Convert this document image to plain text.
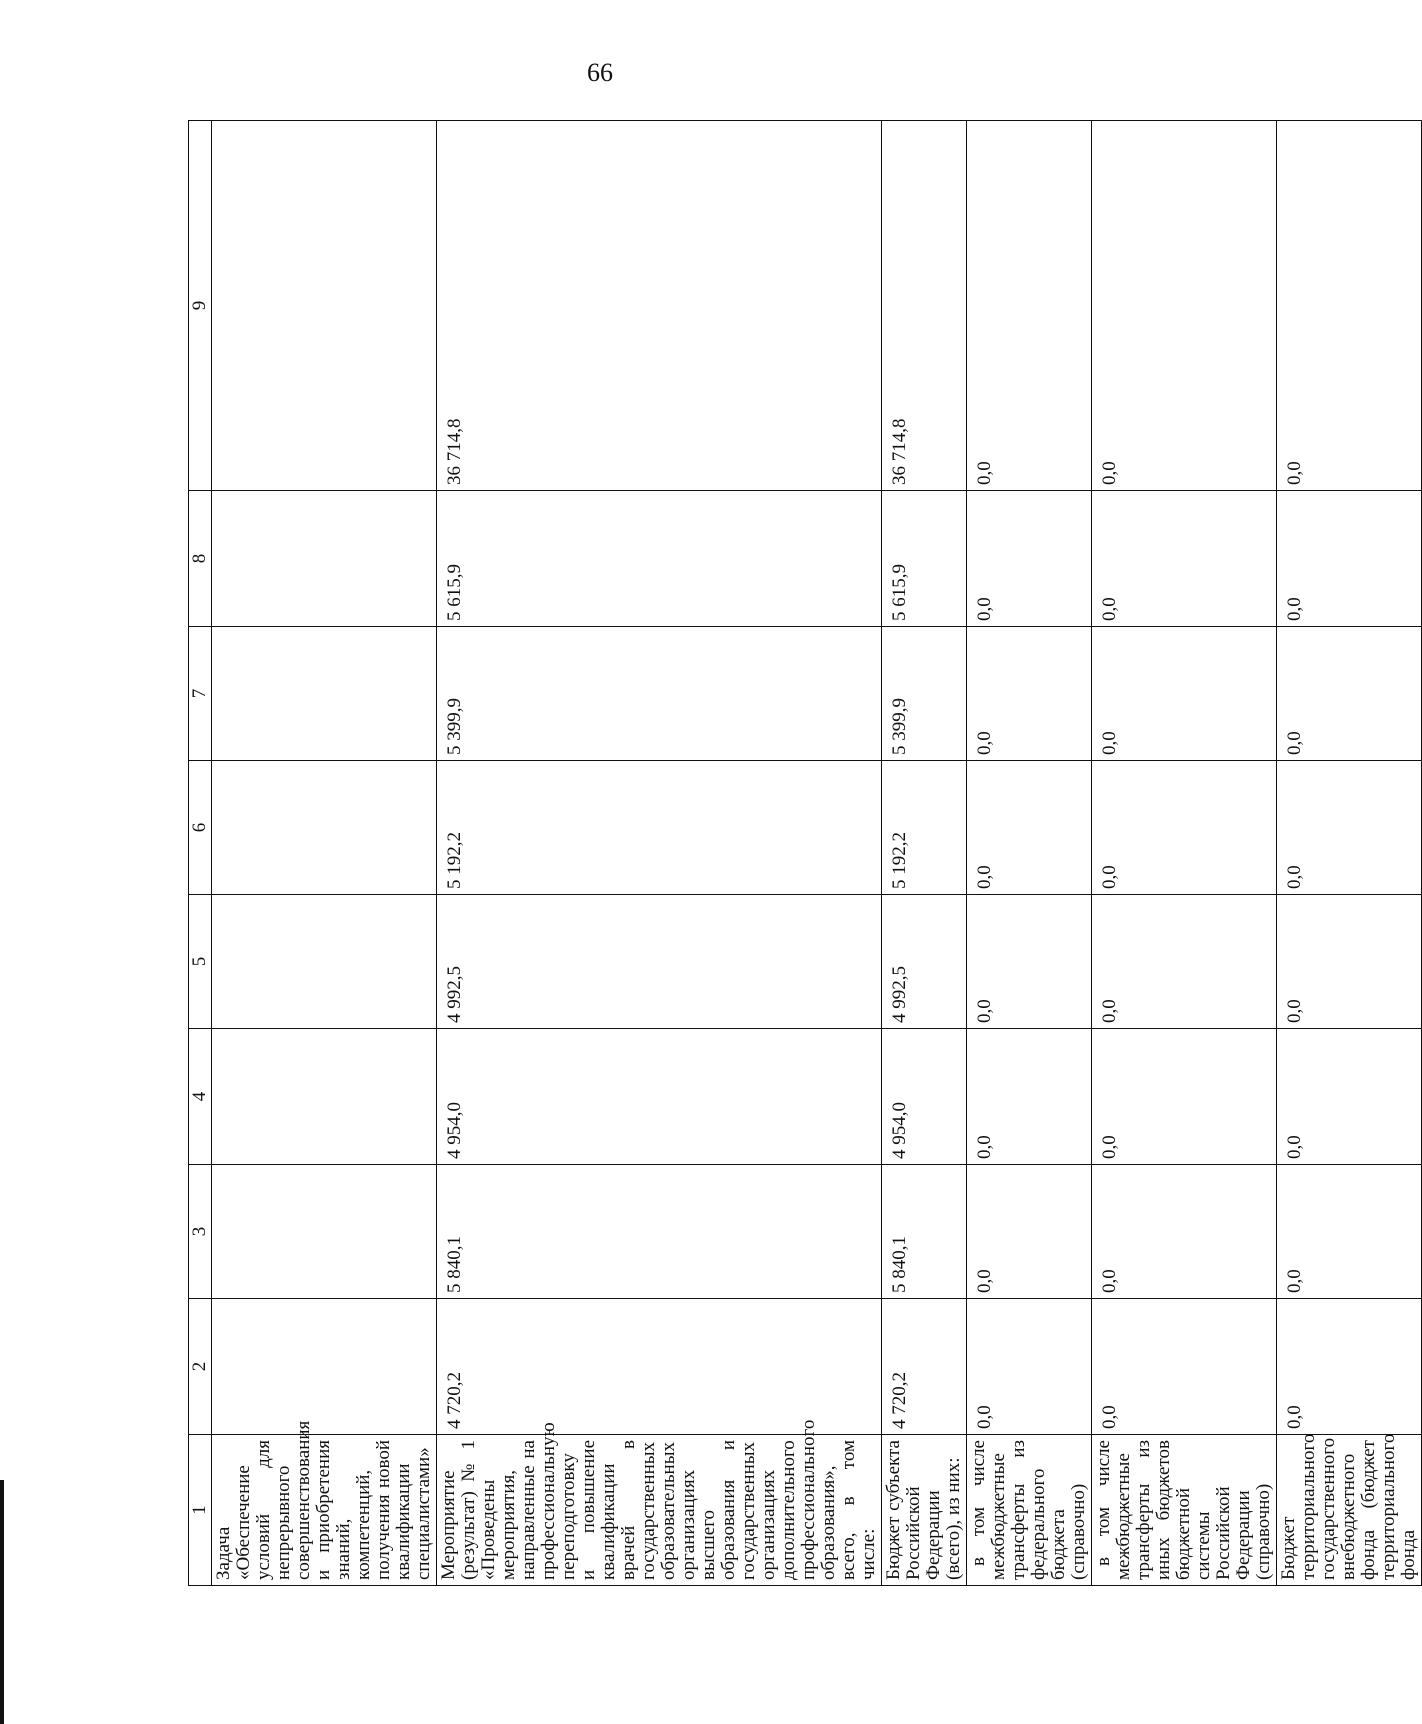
66
1	2	3	4	5	6	7	8	9
Задача «Обеспечение условий для непрерывного совершенствования и приобретения знаний, компетенций, получения новой квалификации специалистами»								
Мероприятие (результат) № 1 «Проведены мероприятия, направленные на профессиональную переподготовку и повышение квалификации врачей в государственных образовательных организациях высшего образования и государственных организациях дополнительного профессионального образования», всего, в том числе:	4 720,2	5 840,1	4 954,0	4 992,5	5 192,2	5 399,9	5 615,9	36 714,8
Бюджет субъекта Российской Федерации (всего), из них:	4 720,2	5 840,1	4 954,0	4 992,5	5 192,2	5 399,9	5 615,9	36 714,8
в том числе межбюджетные трансферты из федерального бюджета (справочно)	0,0	0,0	0,0	0,0	0,0	0,0	0,0	0,0
в том числе межбюджетные трансферты из иных бюджетов бюджетной системы Российской Федерации (справочно)	0,0	0,0	0,0	0,0	0,0	0,0	0,0	0,0
Бюджет территориального государственного внебюджетного фонда (бюджет территориального фонда	0,0	0,0	0,0	0,0	0,0	0,0	0,0	0,0
